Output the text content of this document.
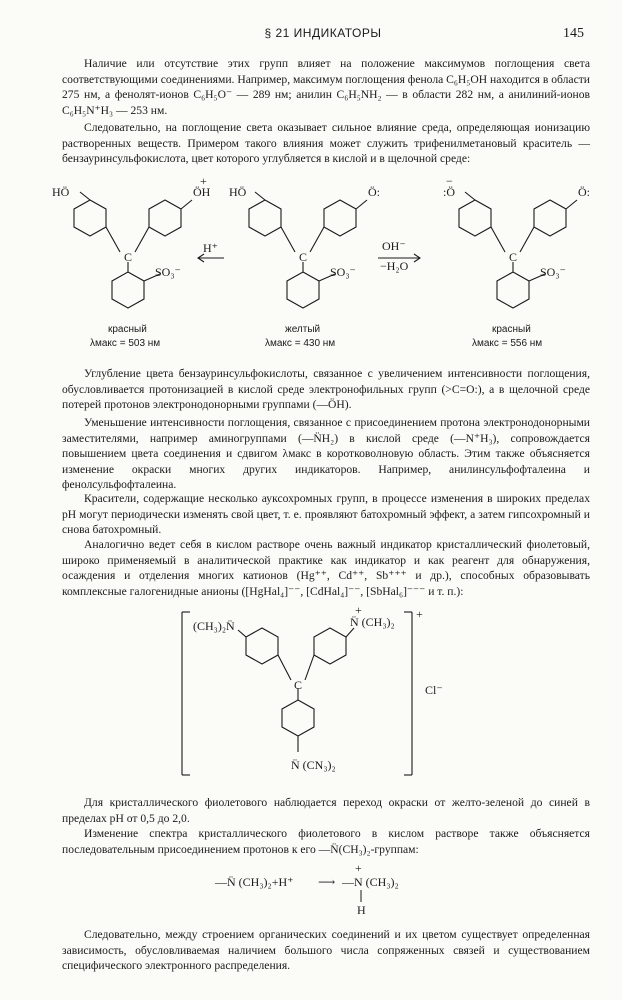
§ 21 ИНДИКАТОРЫ	145

Наличие или отсутствие этих групп влияет на положение максимумов поглощения света соответствующими соединениями. Например, максимум поглощения фенола C₆H₅OH находится в области 275 нм, а фенолят-ионов C₆H₅O⁻ — 289 нм; анилин C₆H₅NH₂ — в области 282 нм, а анилиний-ионов C₆H₅N⁺H₃ — 253 нм.

Следовательно, на поглощение света оказывает сильное влияние среда, определяющая ионизацию растворенных веществ. Примером такого влияния может служить трифенилметановый краситель — бензауринсульфокислота, цвет которого углубляется в кислой и в щелочной среде:

HÖ	ÖH
+
C
SO₃⁻
HÖ	Ö:
C
SO₃⁻
:Ö
−
Ö:
C
SO₃⁻
H⁺	OH⁻
−H₂O
красный
λмакс = 503 нм
желтый
λмакс = 430 нм
красный
λмакс = 556 нм
(CH₃)₂N̈	N̈ (CH₃)₂
+
C
N̈ (CN₃)₂
+
Cl⁻
—N̈ (CH₃)₂+H⁺ ⟶ —N (CH₃)₂
+
H

Углубление цвета бензауринсульфокислоты, связанное с увеличением интенсивности поглощения, обусловливается протонизацией в кислой среде электронофильных групп (>C=O:), а в щелочной среде потерей протонов электронодонорными группами (—ÖH).

Уменьшение интенсивности поглощения, связанное с присоединением протона электронодонорными заместителями, например аминогруппами (—N̈H₂) в кислой среде (—N⁺H₃), сопровождается повышением цвета соединения и сдвигом λмакс в коротковолновую область. Этим также объясняется изменение окраски многих других индикаторов. Например, анилинсульфофталеина и фенолсульфофталеина.

Красители, содержащие несколько ауксохромных групп, в процессе изменения в широких пределах pH могут периодически изменять свой цвет, т. е. проявляют батохромный эффект, а затем гипсохромный и снова батохромный.

Аналогично ведет себя в кислом растворе очень важный индикатор кристаллический фиолетовый, широко применяемый в аналитической практике как индикатор и как реагент для обнаружения, осаждения и отделения многих катионов (Hg⁺⁺, Cd⁺⁺, Sb⁺⁺⁺ и др.), способных образовывать комплексные галогенидные анионы ([HgHal₄]⁻⁻, [CdHal₄]⁻⁻, [SbHal₆]⁻⁻⁻ и т. п.):

Для кристаллического фиолетового наблюдается переход окраски от желто-зеленой до синей в пределах pH от 0,5 до 2,0.

Изменение спектра кристаллического фиолетового в кислом растворе также объясняется последовательным присоединением протонов к его —N̈(CH₃)₂-группам:

Следовательно, между строением органических соединений и их цветом существует определенная зависимость, обусловливаемая наличием большого числа сопряженных связей и существованием специфического электронного распределения.
